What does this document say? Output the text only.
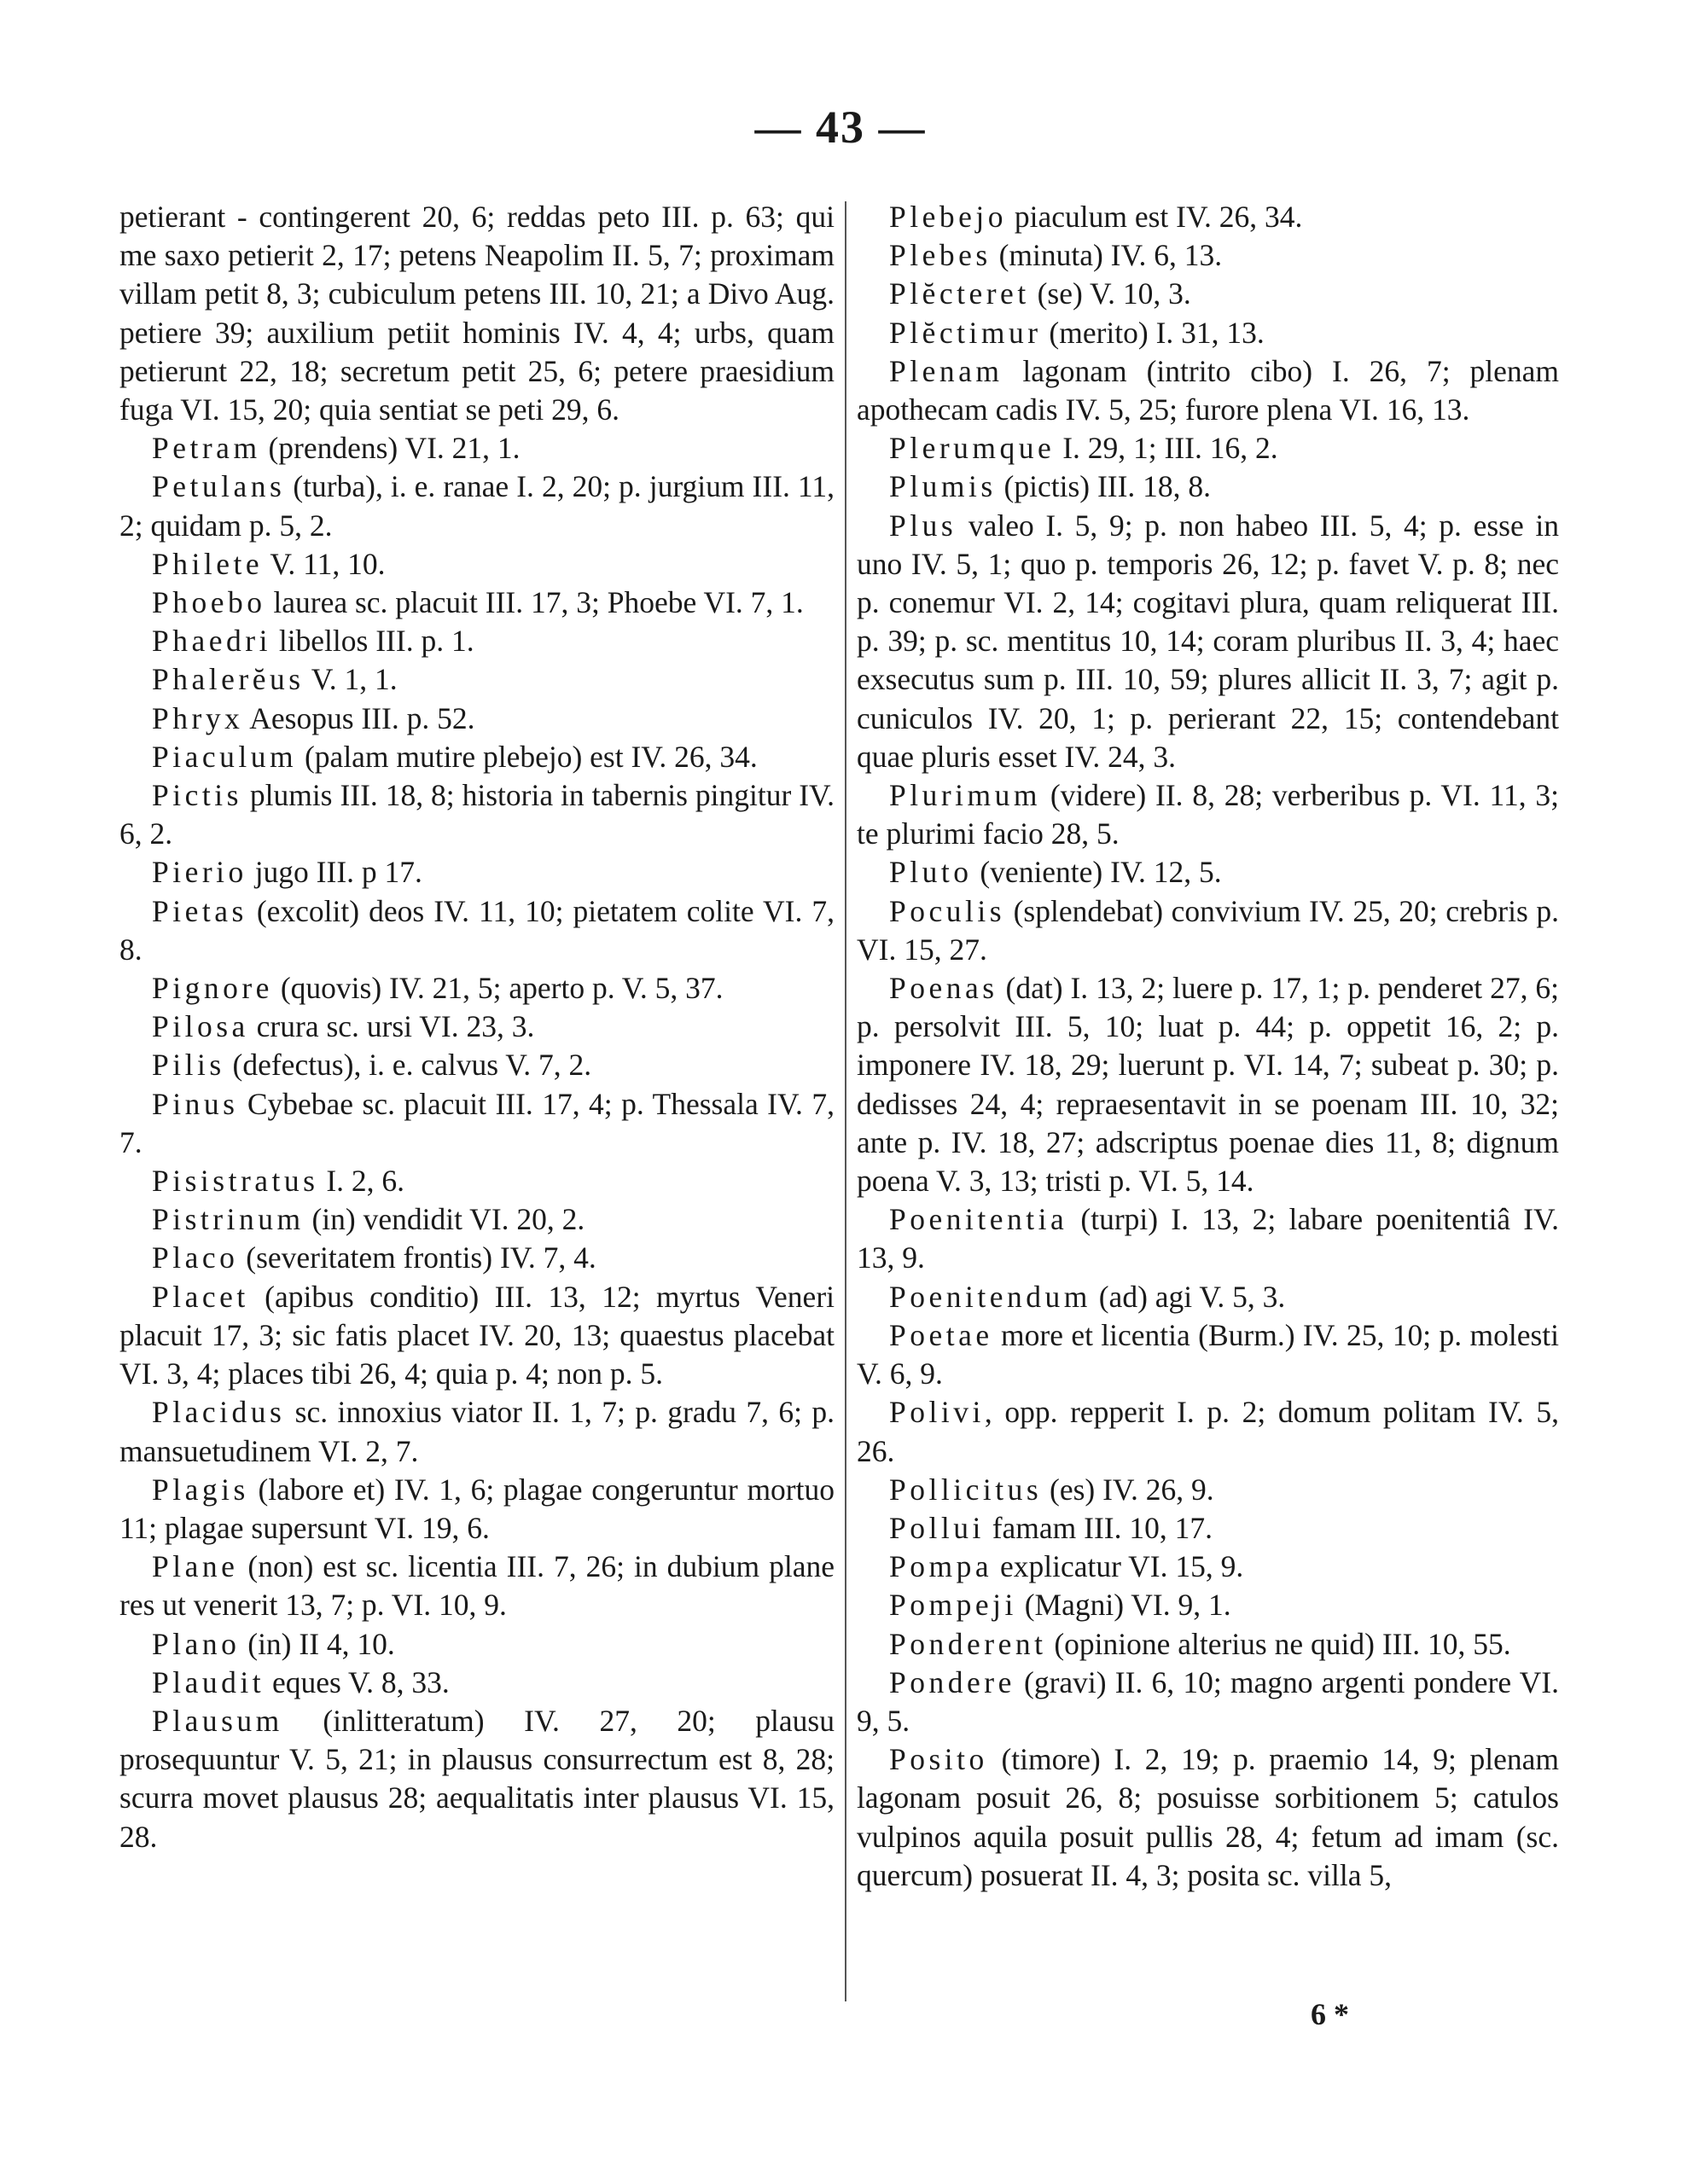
— 43 —

petierant - contingerent 20, 6; reddas peto III. p. 63; qui me saxo petierit 2, 17; petens Neapolim II. 5, 7; proximam villam petit 8, 3; cubiculum petens III. 10, 21; a Divo Aug. petiere 39; auxilium petiit hominis IV. 4, 4; urbs, quam petierunt 22, 18; secretum petit 25, 6; petere praesidium fuga VI. 15, 20; quia sentiat se peti 29, 6.

Petram (prendens) VI. 21, 1.

Petulans (turba), i. e. ranae I. 2, 20; p. jurgium III. 11, 2; quidam p. 5, 2.

Philete V. 11, 10.

Phoebo laurea sc. placuit III. 17, 3; Phoebe VI. 7, 1.

Phaedri libellos III. p. 1.

Phalerĕus V. 1, 1.

Phryx Aesopus III. p. 52.

Piaculum (palam mutire plebejo) est IV. 26, 34.

Pictis plumis III. 18, 8; historia in tabernis pingitur IV. 6, 2.

Pierio jugo III. p 17.

Pietas (excolit) deos IV. 11, 10; pietatem colite VI. 7, 8.

Pignore (quovis) IV. 21, 5; aperto p. V. 5, 37.

Pilosa crura sc. ursi VI. 23, 3.

Pilis (defectus), i. e. calvus V. 7, 2.

Pinus Cybebae sc. placuit III. 17, 4; p. Thessala IV. 7, 7.

Pisistratus I. 2, 6.

Pistrinum (in) vendidit VI. 20, 2.

Placo (severitatem frontis) IV. 7, 4.

Placet (apibus conditio) III. 13, 12; myrtus Veneri placuit 17, 3; sic fatis placet IV. 20, 13; quaestus placebat VI. 3, 4; places tibi 26, 4; quia p. 4; non p. 5.

Placidus sc. innoxius viator II. 1, 7; p. gradu 7, 6; p. mansuetudinem VI. 2, 7.

Plagis (labore et) IV. 1, 6; plagae congeruntur mortuo 11; plagae supersunt VI. 19, 6.

Plane (non) est sc. licentia III. 7, 26; in dubium plane res ut venerit 13, 7; p. VI. 10, 9.

Plano (in) II 4, 10.

Plaudit eques V. 8, 33.

Plausum (inlitteratum) IV. 27, 20; plausu prosequuntur V. 5, 21; in plausus consurrectum est 8, 28; scurra movet plausus 28; aequalitatis inter plausus VI. 15, 28.

Plebejo piaculum est IV. 26, 34.

Plebes (minuta) IV. 6, 13.

Plĕcteret (se) V. 10, 3.

Plĕctimur (merito) I. 31, 13.

Plenam lagonam (intrito cibo) I. 26, 7; plenam apothecam cadis IV. 5, 25; furore plena VI. 16, 13.

Plerumque I. 29, 1; III. 16, 2.

Plumis (pictis) III. 18, 8.

Plus valeo I. 5, 9; p. non habeo III. 5, 4; p. esse in uno IV. 5, 1; quo p. temporis 26, 12; p. favet V. p. 8; nec p. conemur VI. 2, 14; cogitavi plura, quam reliquerat III. p. 39; p. sc. mentitus 10, 14; coram pluribus II. 3, 4; haec exsecutus sum p. III. 10, 59; plures allicit II. 3, 7; agit p. cuniculos IV. 20, 1; p. perierant 22, 15; contendebant quae pluris esset IV. 24, 3.

Plurimum (videre) II. 8, 28; verberibus p. VI. 11, 3; te plurimi facio 28, 5.

Pluto (veniente) IV. 12, 5.

Poculis (splendebat) convivium IV. 25, 20; crebris p. VI. 15, 27.

Poenas (dat) I. 13, 2; luere p. 17, 1; p. penderet 27, 6; p. persolvit III. 5, 10; luat p. 44; p. oppetit 16, 2; p. imponere IV. 18, 29; luerunt p. VI. 14, 7; subeat p. 30; p. dedisses 24, 4; repraesentavit in se poenam III. 10, 32; ante p. IV. 18, 27; adscriptus poenae dies 11, 8; dignum poena V. 3, 13; tristi p. VI. 5, 14.

Poenitentia (turpi) I. 13, 2; labare poenitentiâ IV. 13, 9.

Poenitendum (ad) agi V. 5, 3.

Poetae more et licentia (Burm.) IV. 25, 10; p. molesti V. 6, 9.

Polivi, opp. repperit I. p. 2; domum politam IV. 5, 26.

Pollicitus (es) IV. 26, 9.

Pollui famam III. 10, 17.

Pompa explicatur VI. 15, 9.

Pompeji (Magni) VI. 9, 1.

Ponderent (opinione alterius ne quid) III. 10, 55.

Pondere (gravi) II. 6, 10; magno argenti pondere VI. 9, 5.

Posito (timore) I. 2, 19; p. praemio 14, 9; plenam lagonam posuit 26, 8; posuisse sorbitionem 5; catulos vulpinos aquila posuit pullis 28, 4; fetum ad imam (sc. quercum) posuerat II. 4, 3; posita sc. villa 5,

6 *
